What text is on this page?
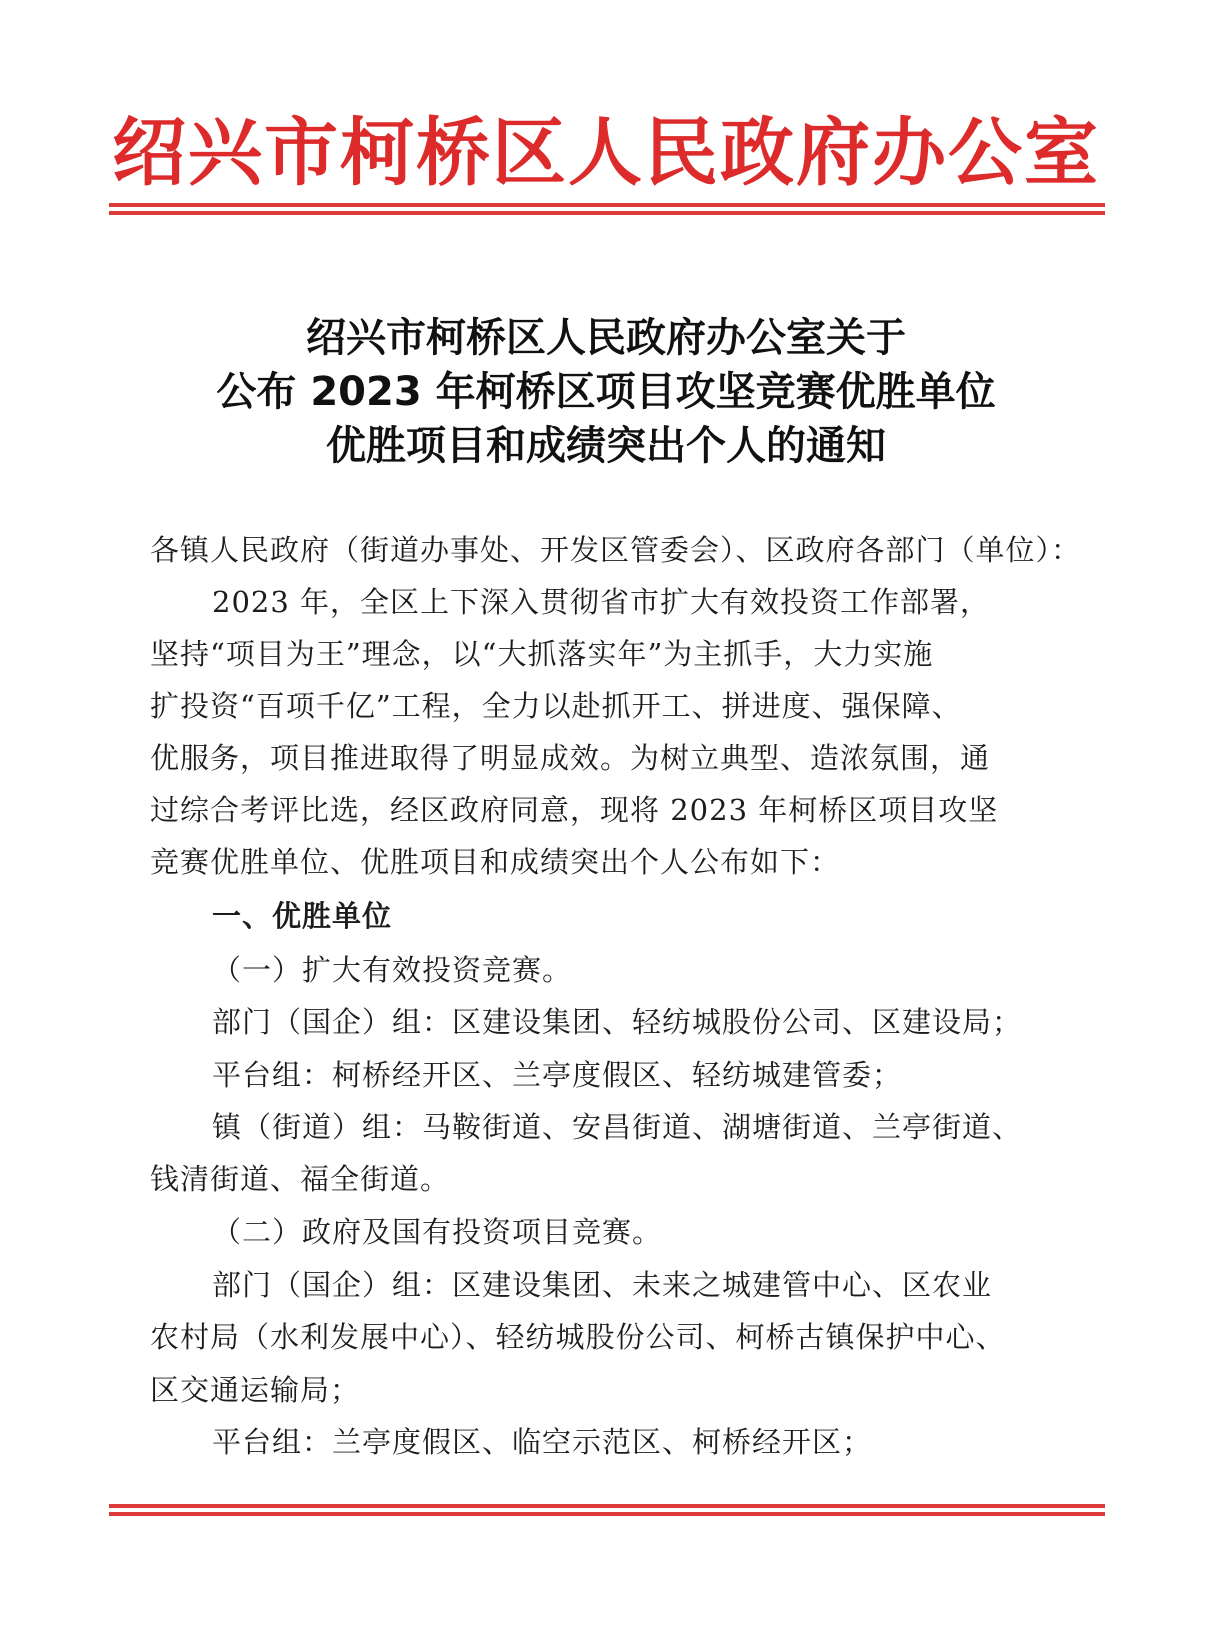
绍兴市柯桥区人民政府办公室
绍兴市柯桥区人民政府办公室关于
公布 2023 年柯桥区项目攻坚竞赛优胜单位
优胜项目和成绩突出个人的通知
各镇人民政府（街道办事处、开发区管委会）、区政府各部门（单位）：
2023 年，全区上下深入贯彻省市扩大有效投资工作部署，
坚持“项目为王”理念，以“大抓落实年”为主抓手，大力实施
扩投资“百项千亿”工程，全力以赴抓开工、拼进度、强保障、
优服务，项目推进取得了明显成效。为树立典型、造浓氛围，通
过综合考评比选，经区政府同意，现将 2023 年柯桥区项目攻坚
竞赛优胜单位、优胜项目和成绩突出个人公布如下：
一、优胜单位
（一）扩大有效投资竞赛。
部门（国企）组：区建设集团、轻纺城股份公司、区建设局；
平台组：柯桥经开区、兰亭度假区、轻纺城建管委；
镇（街道）组：马鞍街道、安昌街道、湖塘街道、兰亭街道、
钱清街道、福全街道。
（二）政府及国有投资项目竞赛。
部门（国企）组：区建设集团、未来之城建管中心、区农业
农村局（水利发展中心）、轻纺城股份公司、柯桥古镇保护中心、
区交通运输局；
平台组：兰亭度假区、临空示范区、柯桥经开区；
